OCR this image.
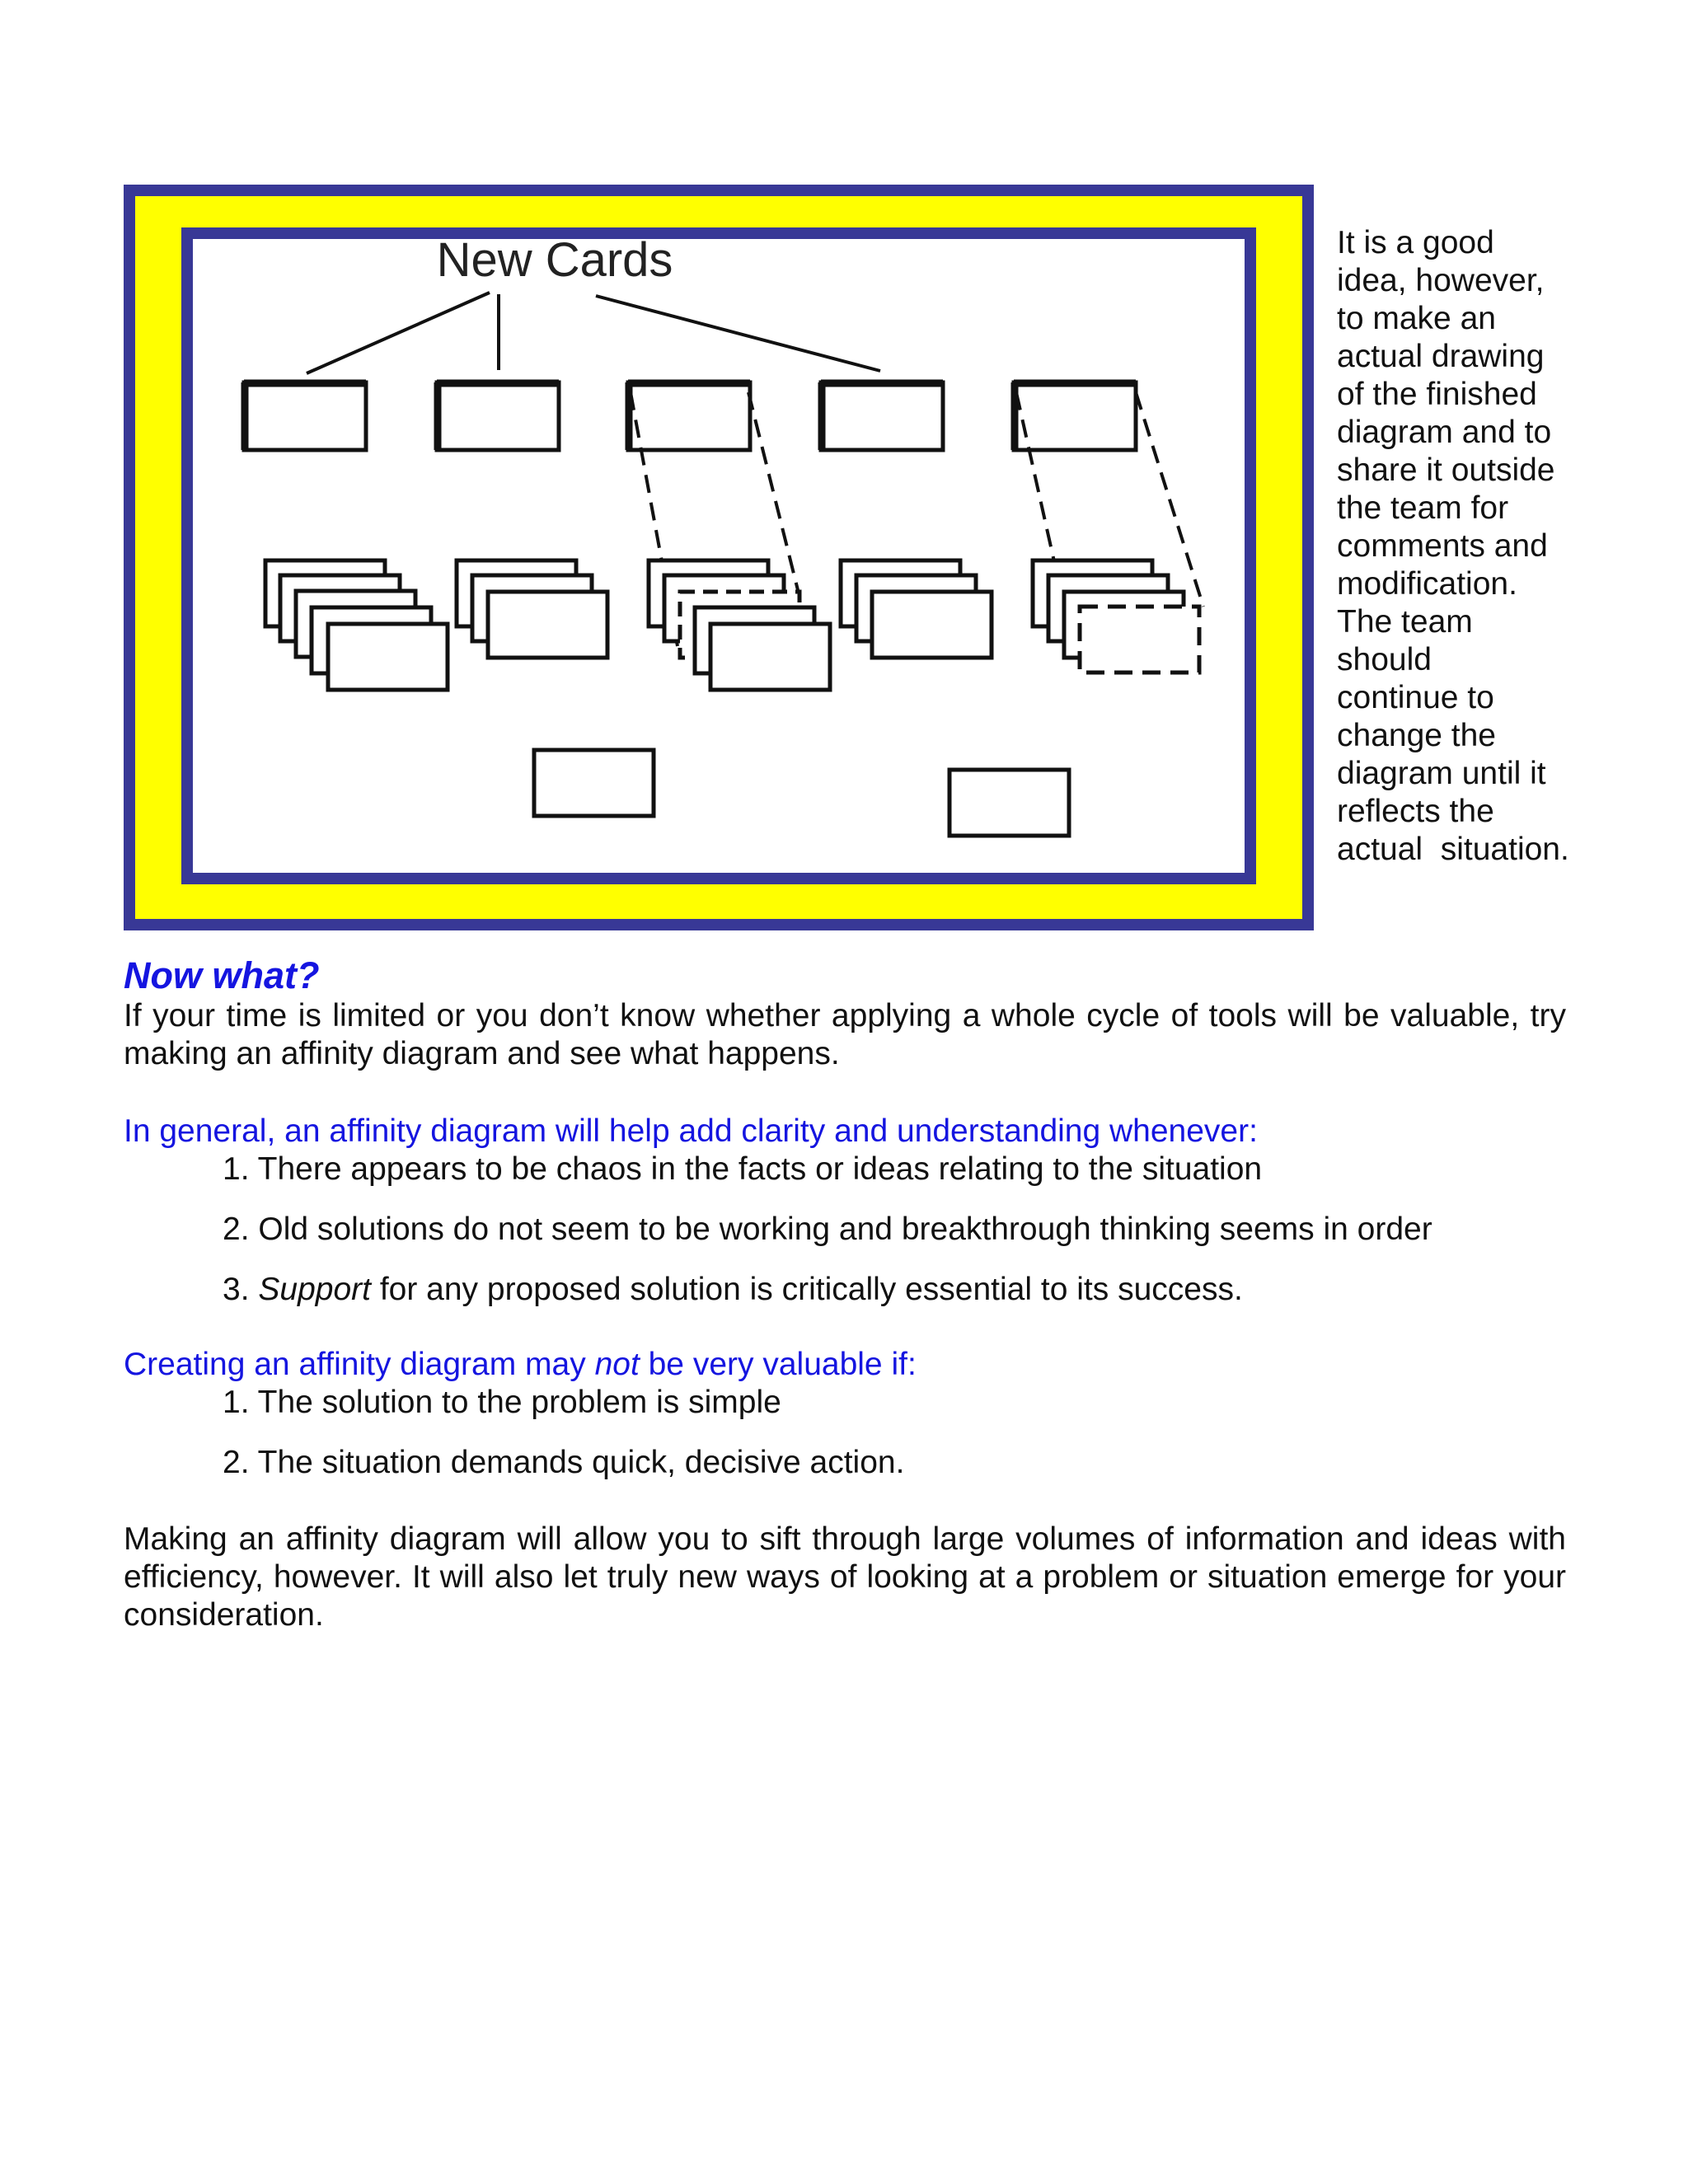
New Cards	It is a good
idea, however,
to make an
actual drawing
of the finished
diagram and to
share it outside
the team for
comments and
modification.
The team
should
continue to
change the
diagram until it
reflects the
actual  situation.

Now what?

If your time is limited or you don’t know whether applying a whole cycle of tools will be valuable, try making an affinity diagram and see what happens.

In general, an affinity diagram will help add clarity and understanding whenever:

1. There appears to be chaos in the facts or ideas relating to the situation
2. Old solutions do not seem to be working and breakthrough thinking seems in order
3. Support for any proposed solution is critically essential to its success.

Creating an affinity diagram may not be very valuable if:

1. The solution to the problem is simple
2. The situation demands quick, decisive action.

Making an affinity diagram will allow you to sift through large volumes of information and ideas with efficiency, however. It will also let truly new ways of looking at a problem or situation emerge for your consideration.
